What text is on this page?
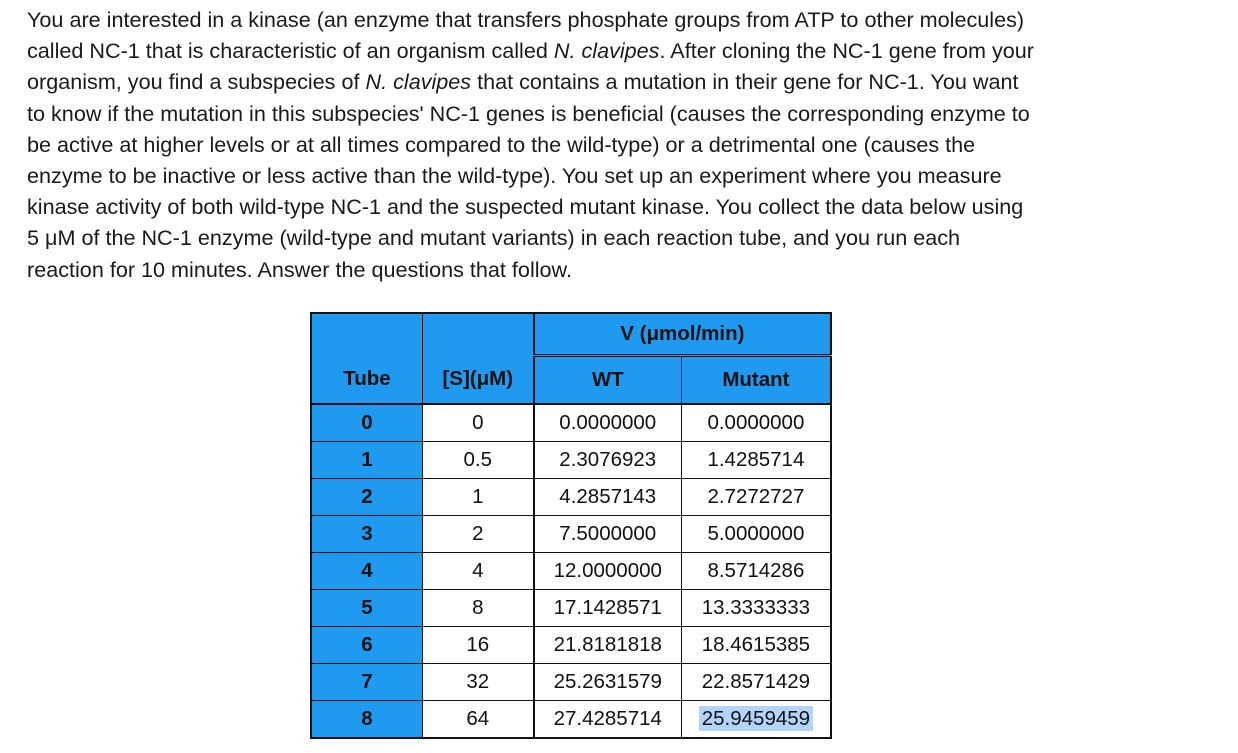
You are interested in a kinase (an enzyme that transfers phosphate groups from ATP to other molecules)
called NC-1 that is characteristic of an organism called N. clavipes. After cloning the NC-1 gene from your
organism, you find a subspecies of N. clavipes that contains a mutation in their gene for NC-1. You want
to know if the mutation in this subspecies' NC-1 genes is beneficial (causes the corresponding enzyme to
be active at higher levels or at all times compared to the wild-type) or a detrimental one (causes the
enzyme to be inactive or less active than the wild-type). You set up an experiment where you measure
kinase activity of both wild-type NC-1 and the suspected mutant kinase. You collect the data below using
5 μM of the NC-1 enzyme (wild-type and mutant variants) in each reaction tube, and you run each
reaction for 10 minutes. Answer the questions that follow.
		V (μmol/min)	
Tube	[S](μM)	WT	Mutant
0	0	0.0000000	0.0000000
1	0.5	2.3076923	1.4285714
2	1	4.2857143	2.7272727
3	2	7.5000000	5.0000000
4	4	12.0000000	8.5714286
5	8	17.1428571	13.3333333
6	16	21.8181818	18.4615385
7	32	25.2631579	22.8571429
8	64	27.4285714	25.9459459
